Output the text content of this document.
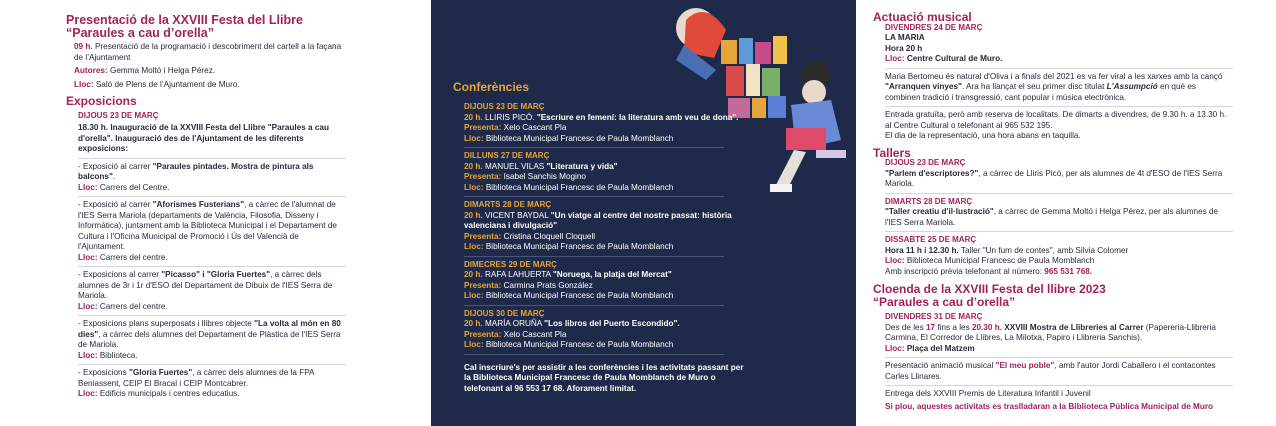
Presentació de la XXVIII Festa del Llibre
“Paraules a cau d’orella”
09 h. Presentació de la programació i descobriment del cartell a la façana de l’Ajuntament
Autores: Gemma Moltó i Helga Pérez.
Lloc: Saló de Plens de l’Ajuntament de Muro.
Exposicions
DIJOUS 23 DE MARÇ
18.30 h. Inauguració de la XXVIII Festa del Llibre "Paraules a cau d'orella". Inauguració des de l'Ajuntament de les diferents exposicions:
- Exposició al carrer "Paraules pintades. Mostra de pintura als balcons".
Lloc: Carrers del Centre.
- Exposició al carrer "Aforismes Fusterians", a càrrec de l'alumnat de l'IES Serra Mariola (departaments de València, Filosofia, Disseny i Informàtica), juntament amb la Biblioteca Municipal i el Departament de Cultura i l'Oficina Municipal de Promoció i Ús del Valencià de l'Ajuntament.
Lloc: Carrers del centre.
- Exposicions al carrer "Picasso" i "Gloria Fuertes", a càrrec dels alumnes de 3r i 1r d'ESO del Departament de Dibuix de l'IES Serra de Mariola.
Lloc: Carrers del centre.
- Exposicions plans superposats i llibres objecte "La volta al món en 80 dies", a càrrec dels alumnes del Departament de Plàstica de l'IES Serra de Mariola.
Lloc: Biblioteca.
- Exposicions "Gloria Fuertes", a càrrec dels alumnes de la FPA Beniassent, CEIP El Bracal i CEIP Montcabrer.
Lloc: Edificis municipals i centres educatius.
Conferències
DIJOUS 23 DE MARÇ
20 h. LLIRIS PICÓ. "Escriure en femení: la literatura amb veu de dona".
Presenta: Xelo Cascant Pla
Lloc: Biblioteca Municipal Francesc de Paula Momblanch
DILLUNS 27 DE MARÇ
20 h. MANUEL VILAS "Literatura y vida"
Presenta: Isabel Sanchis Mogino
Lloc: Biblioteca Municipal Francesc de Paula Momblanch
DIMARTS 28 DE MARÇ
20 h. VICENT BAYDAL "Un viatge al centre del nostre passat: història valenciana i divulgació"
Presenta: Cristina Cloquell Cloquell
Lloc: Biblioteca Municipal Francesc de Paula Momblanch
DIMECRES 29 DE MARÇ
20 h. RAFA LAHUERTA "Noruega, la platja del Mercat"
Presenta: Carmina Prats González
Lloc: Biblioteca Municipal Francesc de Paula Momblanch
DIJOUS 30 DE MARÇ
20 h. MARÍA ORUÑA "Los libros del Puerto Escondido".
Presenta: Xelo Cascant Pla
Lloc: Biblioteca Municipal Francesc de Paula Momblanch
Cal inscriure's per assistir a les conferències i les activitats passant per la Biblioteca Municipal Francesc de Paula Momblanch de Muro o telefonant al 96 553 17 68. Aforament limitat.
Actuació musical
DIVENDRES 24 DE MARÇ
LA MARIA
Hora 20 h
Lloc: Centre Cultural de Muro.
Maria Bertomeu és natural d'Oliva i a finals del 2021 es va fer viral a les xarxes amb la cançó "Arranquen vinyes". Ara ha llançat el seu primer disc titulat L'Assumpció en què es combinen tradició i transgressió, cant popular i música electrònica.
Entrada gratuïta, però amb reserva de localitats. De dimarts a divendres, de 9.30 h. a 13.30 h. al Centre Cultural o telefonant al 965 532 195.
El dia de la representació, una hora abans en taquilla.
Tallers
DIJOUS 23 DE MARÇ
"Parlem d'escriptores?", a càrrec de Lliris Picó, per als alumnes de 4t d'ESO de l'IES Serra Mariola.
DIMARTS 28 DE MARÇ
"Taller creatiu d'il·lustració", a càrrec de Gemma Moltó i Helga Pérez, per als alumnes de l'IES Serra Mariola.
DISSABTE 25 DE MARÇ
Hora 11 h i 12.30 h. Taller "Un fum de contes", amb Silvia Colomer
Lloc: Biblioteca Municipal Francesc de Paula Momblanch
Amb inscripció prèvia telefonant al número: 965 531 768.
Cloenda de la XXVIII Festa del llibre 2023
“Paraules a cau d’orella”
DIVENDRES 31 DE MARÇ
Des de les 17 fins a les 20.30 h. XXVIII Mostra de Llibreries al Carrer (Papereria-Llibreria Carmina, El Corredor de Llibres, La Milotxa, Papiro i Llibreria Sanchis).
Lloc: Plaça del Matzem
Presentació animació musical "El meu poble", amb l'autor Jordi Caballero i el contacontes Carles Llinares.
Entrega dels XXVIII Premis de Literatura Infantil i Juvenil
Si plou, aquestes activitats es traslladaran a la Biblioteca Pública Municipal de Muro
